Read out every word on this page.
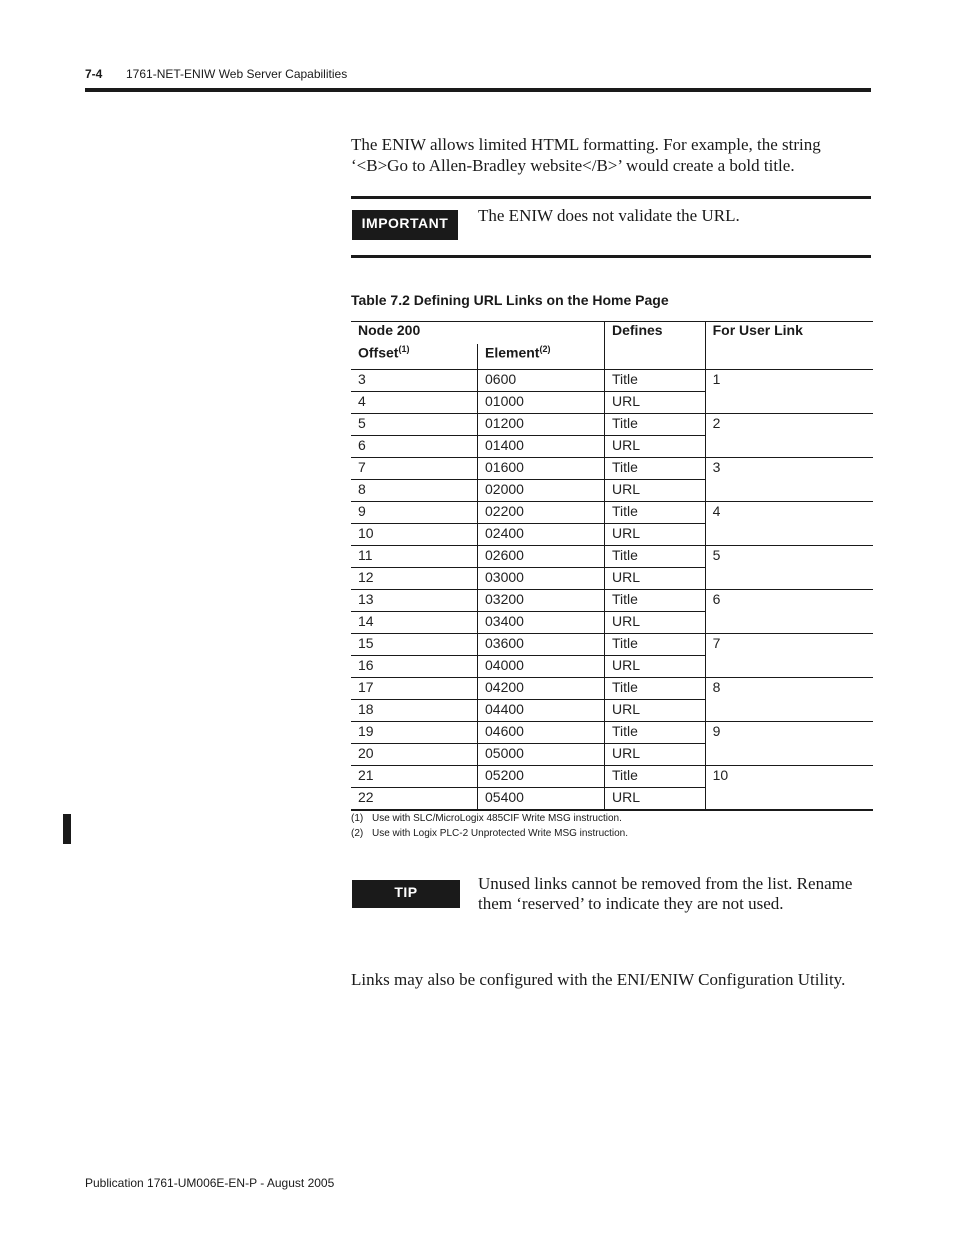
7-4 1761-NET-ENIW Web Server Capabilities
The ENIW allows limited HTML formatting. For example, the string ‘<B>Go to Allen-Bradley website</B>’ would create a bold title.
IMPORTANT	The ENIW does not validate the URL.
Table 7.2 Defining URL Links on the Home Page
Node 200		Defines	For User Link
Offset$^{(1)}$	Element$^{(2)}$
3	0600	Title	1
4	01000	URL	
5	01200	Title	2
6	01400	URL	
7	01600	Title	3
8	02000	URL	
9	02200	Title	4
10	02400	URL	
11	02600	Title	5
12	03000	URL	
13	03200	Title	6
14	03400	URL	
15	03600	Title	7
16	04000	URL	
17	04200	Title	8
18	04400	URL	
19	04600	Title	9
20	05000	URL	
21	05200	Title	10
22	05400	URL	
(1) Use with SLC/MicroLogix 485CIF Write MSG instruction.
(2) Use with Logix PLC-2 Unprotected Write MSG instruction.
TIP	Unused links cannot be removed from the list. Rename them ‘reserved’ to indicate they are not used.
Links may also be configured with the ENI/ENIW Configuration Utility.
Publication 1761-UM006E-EN-P - August 2005
